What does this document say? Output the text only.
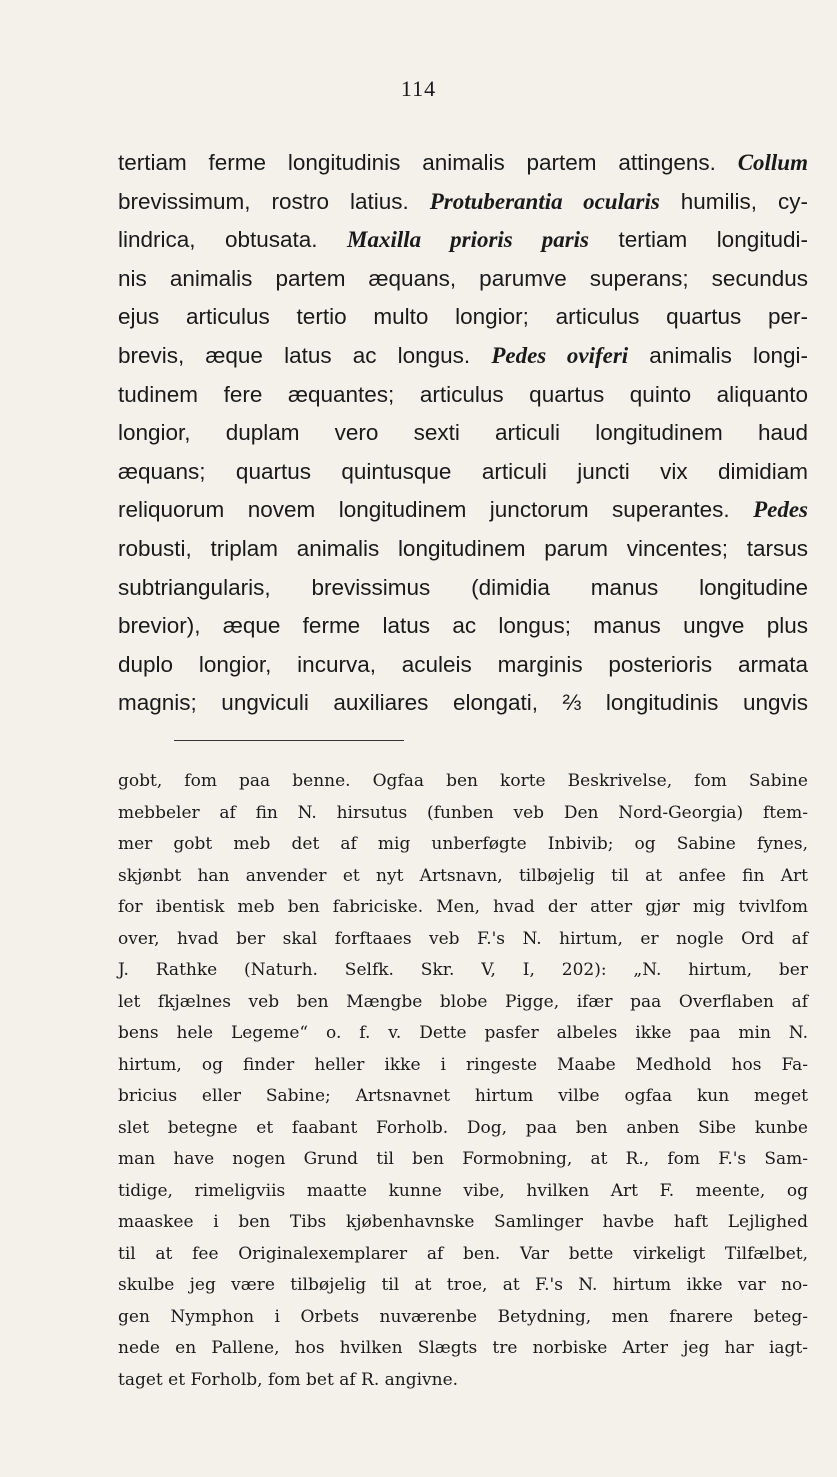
114

tertiam ferme longitudinis animalis partem attingens. Collum

brevissimum, rostro latius. Protuberantia ocularis humilis, cy-

lindrica, obtusata. Maxilla prioris paris tertiam longitudi-

nis animalis partem æquans, parumve superans; secundus

ejus articulus tertio multo longior; articulus quartus per-

brevis, æque latus ac longus. Pedes oviferi animalis longi-

tudinem fere æquantes; articulus quartus quinto aliquanto

longior, duplam vero sexti articuli longitudinem haud

æquans; quartus quintusque articuli juncti vix dimidiam

reliquorum novem longitudinem junctorum superantes. Pedes

robusti, triplam animalis longitudinem parum vincentes; tarsus

subtriangularis, brevissimus (dimidia manus longitudine

brevior), æque ferme latus ac longus; manus ungve plus

duplo longior, incurva, aculeis marginis posterioris armata

magnis; ungviculi auxiliares elongati, ⅔ longitudinis ungvis

gobt, fom paa benne. Ogfaa ben korte Beskrivelse, fom Sabine

mebbeler af fin N. hirsutus (funben veb Den Nord-Georgia) ftem-

mer gobt meb det af mig unberføgte Inbivib; og Sabine fynes,

skjønbt han anvender et nyt Artsnavn, tilbøjelig til at anfee fin Art

for ibentisk meb ben fabriciske. Men, hvad der atter gjør mig tvivlfom

over, hvad ber skal forftaaes veb F.'s N. hirtum, er nogle Ord af

J. Rathke (Naturh. Selfk. Skr. V, I, 202): „N. hirtum, ber

let fkjælnes veb ben Mængbe blobe Pigge, ifær paa Overflaben af

bens hele Legeme“ o. f. v. Dette pasfer albeles ikke paa min N.

hirtum, og finder heller ikke i ringeste Maabe Medhold hos Fa-

bricius eller Sabine; Artsnavnet hirtum vilbe ogfaa kun meget

slet betegne et faabant Forholb. Dog, paa ben anben Sibe kunbe

man have nogen Grund til ben Formobning, at R., fom F.'s Sam-

tidige, rimeligviis maatte kunne vibe, hvilken Art F. meente, og

maaskee i ben Tibs kjøbenhavnske Samlinger havbe haft Lejlighed

til at fee Originalexemplarer af ben. Var bette virkeligt Tilfælbet,

skulbe jeg være tilbøjelig til at troe, at F.'s N. hirtum ikke var no-

gen Nymphon i Orbets nuværenbe Betydning, men fnarere beteg-

nede en Pallene, hos hvilken Slægts tre norbiske Arter jeg har iagt-

taget et Forholb, fom bet af R. angivne.
